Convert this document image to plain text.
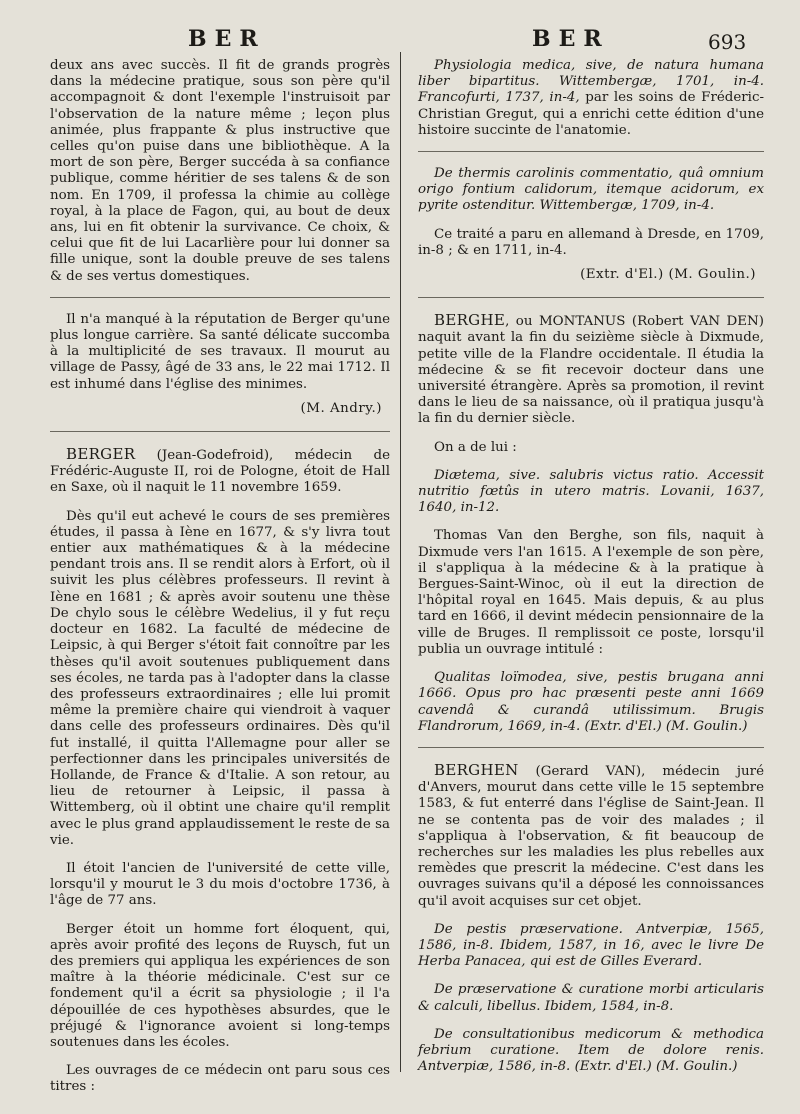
BER	BER	693

deux ans avec succès. Il fit de grands progrès dans la médecine pratique, sous son père qu'il accompagnoit & dont l'exemple l'instruisoit par l'observation de la nature même ; leçon plus animée, plus frappante & plus instructive que celles qu'on puise dans une bibliothèque. A la mort de son père, Berger succéda à sa confiance publique, comme héritier de ses talens & de son nom. En 1709, il professa la chimie au collège royal, à la place de Fagon, qui, au bout de deux ans, lui en fit obtenir la survivance. Ce choix, & celui que fit de lui Lacarlière pour lui donner sa fille unique, sont la double preuve de ses talens & de ses vertus domestiques.

Il n'a manqué à la réputation de Berger qu'une plus longue carrière. Sa santé délicate succomba à la multiplicité de ses travaux. Il mourut au village de Passy, âgé de 33 ans, le 22 mai 1712. Il est inhumé dans l'église des minimes.

(M. Andry.)

BERGER (Jean-Godefroid), médecin de Frédéric-Auguste II, roi de Pologne, étoit de Hall en Saxe, où il naquit le 11 novembre 1659.

Dès qu'il eut achevé le cours de ses premières études, il passa à Iène en 1677, & s'y livra tout entier aux mathématiques & à la médecine pendant trois ans. Il se rendit alors à Erfort, où il suivit les plus célèbres professeurs. Il revint à Iène en 1681 ; & après avoir soutenu une thèse De chylo sous le célèbre Wedelius, il y fut reçu docteur en 1682. La faculté de médecine de Leipsic, à qui Berger s'étoit fait connoître par les thèses qu'il avoit soutenues publiquement dans ses écoles, ne tarda pas à l'adopter dans la classe des professeurs extraordinaires ; elle lui promit même la première chaire qui viendroit à vaquer dans celle des professeurs ordinaires. Dès qu'il fut installé, il quitta l'Allemagne pour aller se perfectionner dans les principales universités de Hollande, de France & d'Italie. A son retour, au lieu de retourner à Leipsic, il passa à Wittemberg, où il obtint une chaire qu'il remplit avec le plus grand applaudissement le reste de sa vie.

Il étoit l'ancien de l'université de cette ville, lorsqu'il y mourut le 3 du mois d'octobre 1736, à l'âge de 77 ans.

Berger étoit un homme fort éloquent, qui, après avoir profité des leçons de Ruysch, fut un des premiers qui appliqua les expériences de son maître à la théorie médicinale. C'est sur ce fondement qu'il a écrit sa physiologie ; il l'a dépouillée de ces hypothèses absurdes, que le préjugé & l'ignorance avoient si long-temps soutenues dans les écoles.

Les ouvrages de ce médecin ont paru sous ces titres :

Physiologia medica, sive, de natura humana liber bipartitus. Wittembergæ, 1701, in-4. Francofurti, 1737, in-4, par les soins de Fréderic-Christian Gregut, qui a enrichi cette édition d'une histoire succinte de l'anatomie.

De thermis carolinis commentatio, quâ omnium origo fontium calidorum, itemque acidorum, ex pyrite ostenditur. Wittembergæ, 1709, in-4.

Ce traité a paru en allemand à Dresde, en 1709, in-8 ; & en 1711, in-4.

(Extr. d'El.) (M. Goulin.)

BERGHE, ou MONTANUS (Robert VAN DEN) naquit avant la fin du seizième siècle à Dixmude, petite ville de la Flandre occidentale. Il étudia la médecine & se fit recevoir docteur dans une université étrangère. Après sa promotion, il revint dans le lieu de sa naissance, où il pratiqua jusqu'à la fin du dernier siècle.

On a de lui :

Diætema, sive. salubris victus ratio. Accessit nutritio fœtûs in utero matris. Lovanii, 1637, 1640, in-12.

Thomas Van den Berghe, son fils, naquit à Dixmude vers l'an 1615. A l'exemple de son père, il s'appliqua à la médecine & à la pratique à Bergues-Saint-Winoc, où il eut la direction de l'hôpital royal en 1645. Mais depuis, & au plus tard en 1666, il devint médecin pensionnaire de la ville de Bruges. Il remplissoit ce poste, lorsqu'il publia un ouvrage intitulé :

Qualitas loïmodea, sive, pestis brugana anni 1666. Opus pro hac præsenti peste anni 1669 cavendâ & curandâ utilissimum. Brugis Flandrorum, 1669, in-4. (Extr. d'El.) (M. Goulin.)

BERGHEN (Gerard VAN), médecin juré d'Anvers, mourut dans cette ville le 15 septembre 1583, & fut enterré dans l'église de Saint-Jean. Il ne se contenta pas de voir des malades ; il s'appliqua à l'observation, & fit beaucoup de recherches sur les maladies les plus rebelles aux remèdes que prescrit la médecine. C'est dans les ouvrages suivans qu'il a déposé les connoissances qu'il avoit acquises sur cet objet.

De pestis præservatione. Antverpiæ, 1565, 1586, in-8. Ibidem, 1587, in 16, avec le livre De Herba Panacea, qui est de Gilles Everard.

De præservatione & curatione morbi articularis & calculi, libellus. Ibidem, 1584, in-8.

De consultationibus medicorum & methodica febrium curatione. Item de dolore renis. Antverpiæ, 1586, in-8. (Extr. d'El.) (M. Goulin.)
